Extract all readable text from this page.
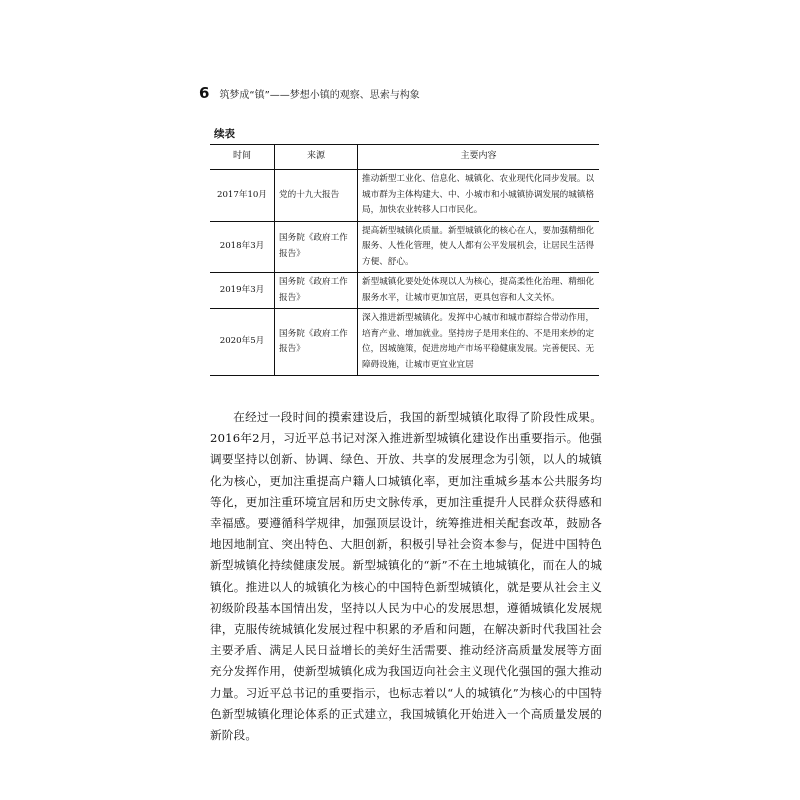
6 筑梦成“镇”——梦想小镇的观察、思索与构象
续表
时间	来源	主要内容
2017年10月	党的十九大报告	推动新型工业化、信息化、城镇化、农业现代化同步发展。以城市群为主体构建大、中、小城市和小城镇协调发展的城镇格局，加快农业转移人口市民化。
2018年3月	国务院《政府工作报告》	提高新型城镇化质量。新型城镇化的核心在人，要加强精细化服务、人性化管理，使人人都有公平发展机会，让居民生活得方便、舒心。
2019年3月	国务院《政府工作报告》	新型城镇化要处处体现以人为核心，提高柔性化治理、精细化服务水平，让城市更加宜居，更具包容和人文关怀。
2020年5月	国务院《政府工作报告》	深入推进新型城镇化。发挥中心城市和城市群综合带动作用，培育产业、增加就业。坚持房子是用来住的、不是用来炒的定位，因城施策，促进房地产市场平稳健康发展。完善便民、无障碍设施，让城市更宜业宜居

在经过一段时间的摸索建设后，我国的新型城镇化取得了阶段性成果。2016年2月，习近平总书记对深入推进新型城镇化建设作出重要指示。他强调要坚持以创新、协调、绿色、开放、共享的发展理念为引领，以人的城镇化为核心，更加注重提高户籍人口城镇化率，更加注重城乡基本公共服务均等化，更加注重环境宜居和历史文脉传承，更加注重提升人民群众获得感和幸福感。要遵循科学规律，加强顶层设计，统筹推进相关配套改革，鼓励各地因地制宜、突出特色、大胆创新，积极引导社会资本参与，促进中国特色新型城镇化持续健康发展。新型城镇化的“新”不在土地城镇化，而在人的城镇化。推进以人的城镇化为核心的中国特色新型城镇化，就是要从社会主义初级阶段基本国情出发，坚持以人民为中心的发展思想，遵循城镇化发展规律，克服传统城镇化发展过程中积累的矛盾和问题，在解决新时代我国社会主要矛盾、满足人民日益增长的美好生活需要、推动经济高质量发展等方面充分发挥作用，使新型城镇化成为我国迈向社会主义现代化强国的强大推动力量。习近平总书记的重要指示，也标志着以“人的城镇化”为核心的中国特色新型城镇化理论体系的正式建立，我国城镇化开始进入一个高质量发展的新阶段。
